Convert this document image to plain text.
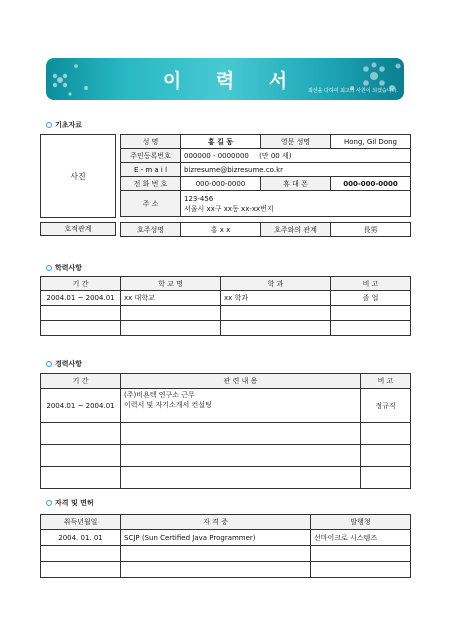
이 력 서	최선을 다하여 최고의 사원이 되겠습니다.
기초자료
사진
성 명	홍 길 동	영문 성명	Hong, Gil Dong
주민등록번호	000000 - 0000000 (만 00 세)		
E - m a i l	bizresume@bizresume.co.kr		
전 화 번 호	000-000-0000	휴 대 폰	000-000-0000
주 소	123-456
서울시 xx구 xx동 xx-xx번지		
호적관계	호주성명	홍 x x	호주와의 관계	長男
학력사항
기 간	학 교 명	학 과	비 고
2004.01 ~ 2004.01	xx 대학교	xx 학과	졸 업

경력사항
기 간	관 련 내 용	비 고
2004.01 ~ 2004.01	(주)비욘텍 연구소 근무
이력서 및 자기소개서 컨설팅	정규직

자격 및 면허
취득년월일	자 격 증	발행청
2004. 01. 01	SCJP (Sun Certified Java Programmer)	선마이크로 시스템즈
